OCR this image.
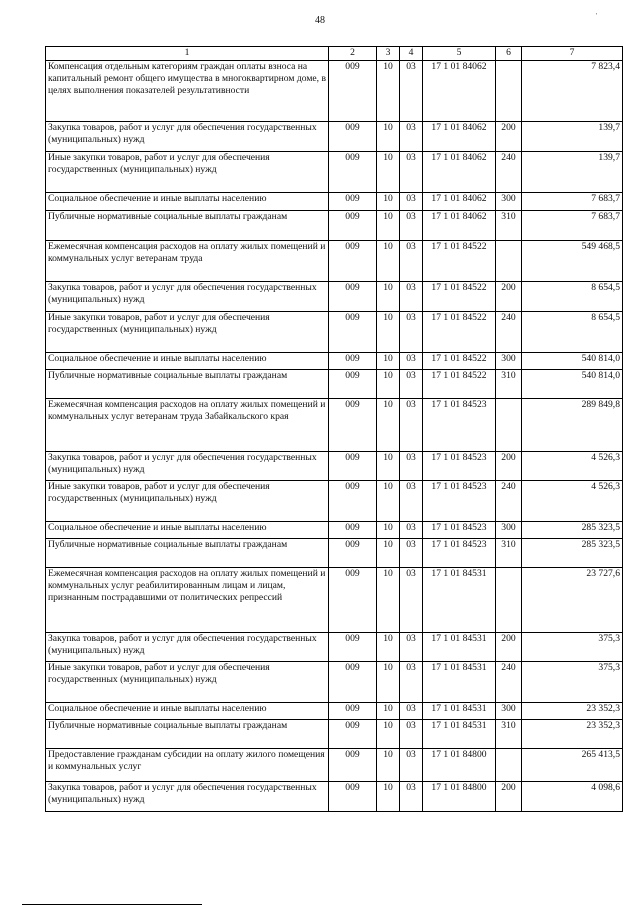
48	'
1	2	3	4	5	6	7
Компенсация отдельным категориям граждан оплаты взноса на капитальный ремонт общего имущества в многоквартирном доме, в целях выполнения показателей результативности	009	10	03	17 1 01 84062		7 823,4
Закупка товаров, работ и услуг для обеспечения государственных (муниципальных) нужд	009	10	03	17 1 01 84062	200	139,7
Иные закупки товаров, работ и услуг для обеспечения государственных (муниципальных) нужд	009	10	03	17 1 01 84062	240	139,7
Социальное обеспечение и иные выплаты населению	009	10	03	17 1 01 84062	300	7 683,7
Публичные нормативные социальные выплаты гражданам	009	10	03	17 1 01 84062	310	7 683,7
Ежемесячная компенсация расходов на оплату жилых помещений и коммунальных услуг ветеранам труда	009	10	03	17 1 01 84522		549 468,5
Закупка товаров, работ и услуг для обеспечения государственных (муниципальных) нужд	009	10	03	17 1 01 84522	200	8 654,5
Иные закупки товаров, работ и услуг для обеспечения государственных (муниципальных) нужд	009	10	03	17 1 01 84522	240	8 654,5
Социальное обеспечение и иные выплаты населению	009	10	03	17 1 01 84522	300	540 814,0
Публичные нормативные социальные выплаты гражданам	009	10	03	17 1 01 84522	310	540 814,0
Ежемесячная компенсация расходов на оплату жилых помещений и коммунальных услуг ветеранам труда Забайкальского края	009	10	03	17 1 01 84523		289 849,8
Закупка товаров, работ и услуг для обеспечения государственных (муниципальных) нужд	009	10	03	17 1 01 84523	200	4 526,3
Иные закупки товаров, работ и услуг для обеспечения государственных (муниципальных) нужд	009	10	03	17 1 01 84523	240	4 526,3
Социальное обеспечение и иные выплаты населению	009	10	03	17 1 01 84523	300	285 323,5
Публичные нормативные социальные выплаты гражданам	009	10	03	17 1 01 84523	310	285 323,5
Ежемесячная компенсация расходов на оплату жилых помещений и коммунальных услуг реабилитированным лицам и лицам, признанным пострадавшими от политических репрессий	009	10	03	17 1 01 84531		23 727,6
Закупка товаров, работ и услуг для обеспечения государственных (муниципальных) нужд	009	10	03	17 1 01 84531	200	375,3
Иные закупки товаров, работ и услуг для обеспечения государственных (муниципальных) нужд	009	10	03	17 1 01 84531	240	375,3
Социальное обеспечение и иные выплаты населению	009	10	03	17 1 01 84531	300	23 352,3
Публичные нормативные социальные выплаты гражданам	009	10	03	17 1 01 84531	310	23 352,3
Предоставление гражданам субсидии на оплату жилого помещения и коммунальных услуг	009	10	03	17 1 01 84800		265 413,5
Закупка товаров, работ и услуг для обеспечения государственных (муниципальных) нужд	009	10	03	17 1 01 84800	200	4 098,6
